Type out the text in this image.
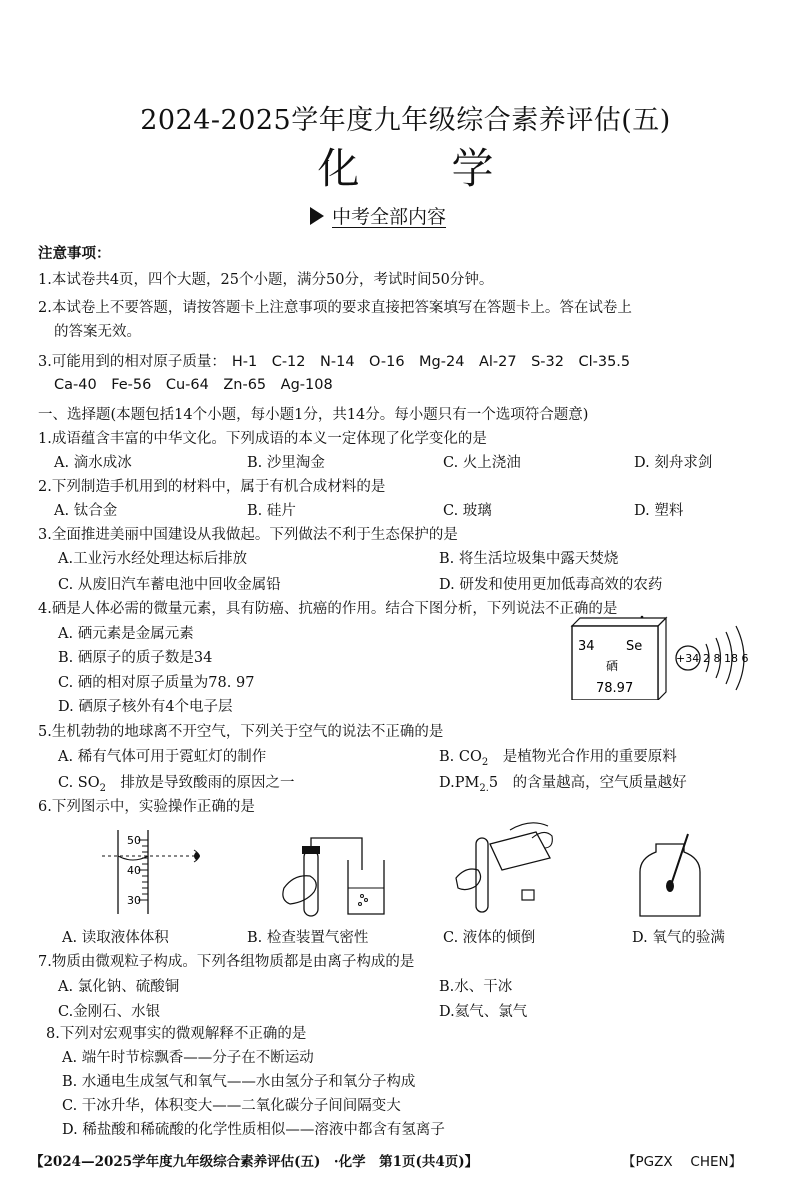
2024-2025学年度九年级综合素养评估(五)
化 学
中考全部内容
注意事项：
1.本试卷共4页，四个大题，25个小题，满分50分，考试时间50分钟。
2.本试卷上不要答题，请按答题卡上注意事项的要求直接把答案填写在答题卡上。答在试卷上
的答案无效。
3.可能用到的相对原子质量： H-1　C-12　N-14　O-16　Mg-24　Al-27　S-32　Cl-35.5
Ca-40　Fe-56　Cu-64　Zn-65　Ag-108
一、选择题(本题包括14个小题，每小题1分，共14分。每小题只有一个选项符合题意)
1.成语蕴含丰富的中华文化。下列成语的本义一定体现了化学变化的是
A. 滴水成冰	B. 沙里淘金	C. 火上浇油	D. 刻舟求剑
2.下列制造手机用到的材料中，属于有机合成材料的是
A. 钛合金	B. 硅片	C. 玻璃	D. 塑料
3.全面推进美丽中国建设从我做起。下列做法不利于生态保护的是
A.工业污水经处理达标后排放	B. 将生活垃圾集中露天焚烧
C. 从废旧汽车蓄电池中回收金属铅	D. 研发和使用更加低毒高效的农药
4.硒是人体必需的微量元素，具有防癌、抗癌的作用。结合下图分析，下列说法不正确的是
A. 硒元素是金属元素
B. 硒原子的质子数是34
C. 硒的相对原子质量为78. 97
D. 硒原子核外有4个电子层
34 Se
硒
78.97
+34 2 8 18 6
5.生机勃勃的地球离不开空气，下列关于空气的说法不正确的是
A. 稀有气体可用于霓虹灯的制作	B. $CO_2$　是植物光合作用的重要原料
C. $SO_2$　排放是导致酸雨的原因之一	$D.PM_{2.}5$　的含量越高，空气质量越好
6.下列图示中，实验操作正确的是
50
40
30
A. 读取液体体积	B. 检查装置气密性	C. 液体的倾倒	D. 氧气的验满
7.物质由微观粒子构成。下列各组物质都是由离子构成的是
A. 氯化钠、硫酸铜	B.水、干冰
C.金刚石、水银	D.氦气、氯气
8.下列对宏观事实的微观解释不正确的是
A. 端午时节棕飘香——分子在不断运动
B. 水通电生成氢气和氧气——水由氢分子和氧分子构成
C. 干冰升华，体积变大——二氧化碳分子间间隔变大
D. 稀盐酸和稀硫酸的化学性质相似——溶液中都含有氢离子
【2024—2025学年度九年级综合素养评估(五)　·化学　第1页(共4页)】	【PGZX　 CHEN】
